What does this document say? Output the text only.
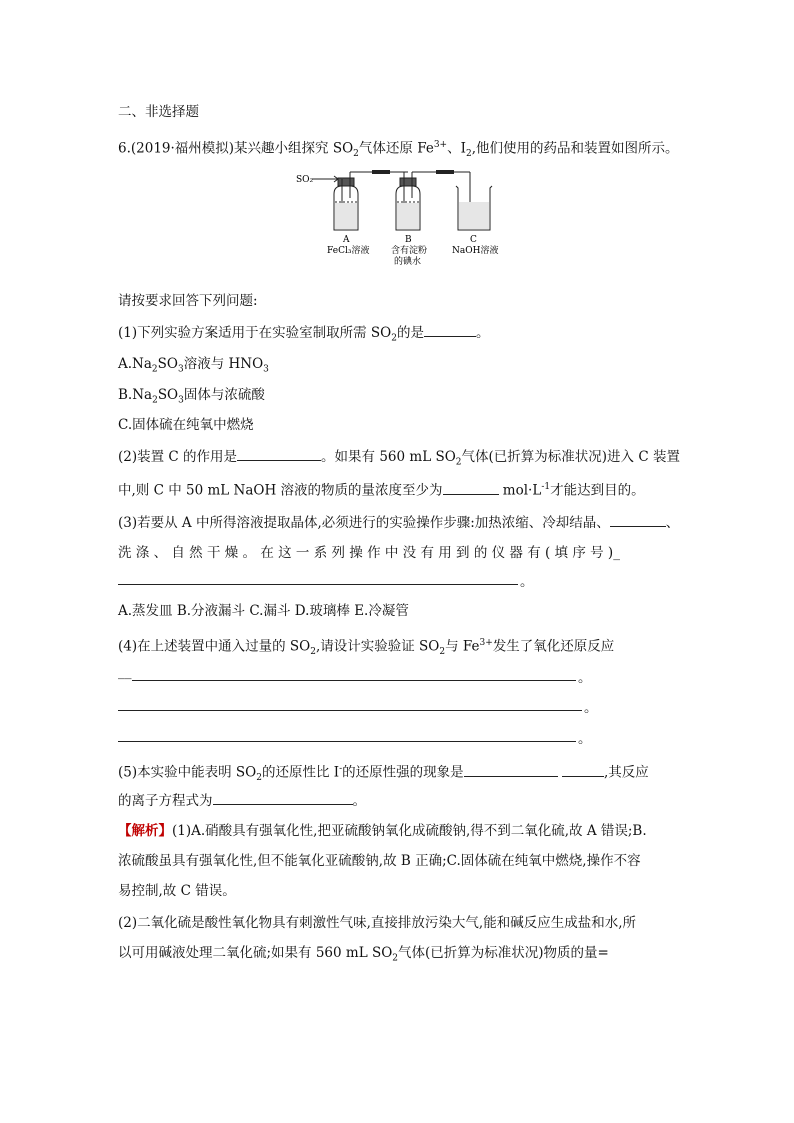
二、非选择题
6.(2019·福州模拟)某兴趣小组探究 $SO_2$气体还原 $Fe^{3+}$、$I_2$,他们使用的药品和装置如图所示。
SO₂
A
FeCl₃溶液
B
含有淀粉
的碘水
C
NaOH溶液
请按要求回答下列问题:
(1)下列实验方案适用于在实验室制取所需 $SO_2$的是	。
$A.Na_2SO_3$溶液与 $HNO_3$
$B.Na_2SO_3$固体与浓硫酸
C.固体硫在纯氧中燃烧
(2)装置 C 的作用是	。如果有 560 mL $SO_2$气体(已折算为标准状况)进入 C 装置
中,则 C 中 50 mL NaOH 溶液的物质的量浓度至少为	$mol\cdot L^{-1}$才能达到目的。
(3)若要从 A 中所得溶液提取晶体,必须进行的实验操作步骤:加热浓缩、冷却结晶、	、
洗 涤 、 自 然 干 燥 。 在 这 一 系 列 操 作 中 没 有 用 到 的 仪 器 有 ( 填 序 号 )_
。
A.蒸发皿 B.分液漏斗 C.漏斗 D.玻璃棒 E.冷凝管
(4)在上述装置中通入过量的 $SO_2$,请设计实验验证 $SO_2$与 $Fe^{3+}$发生了氧化还原反应
__	。
。
。
(5)本实验中能表明 $SO_2$的还原性比 I-的还原性强的现象是	,其反应
的离子方程式为	。
【解析】(1)A.硝酸具有强氧化性,把亚硫酸钠氧化成硫酸钠,得不到二氧化硫,故 A 错误;B.
浓硫酸虽具有强氧化性,但不能氧化亚硫酸钠,故 B 正确;C.固体硫在纯氧中燃烧,操作不容
易控制,故 C 错误。
(2)二氧化硫是酸性氧化物具有刺激性气味,直接排放污染大气,能和碱反应生成盐和水,所
以可用碱液处理二氧化硫;如果有 560 mL $SO_2$气体(已折算为标准状况)物质的量=
